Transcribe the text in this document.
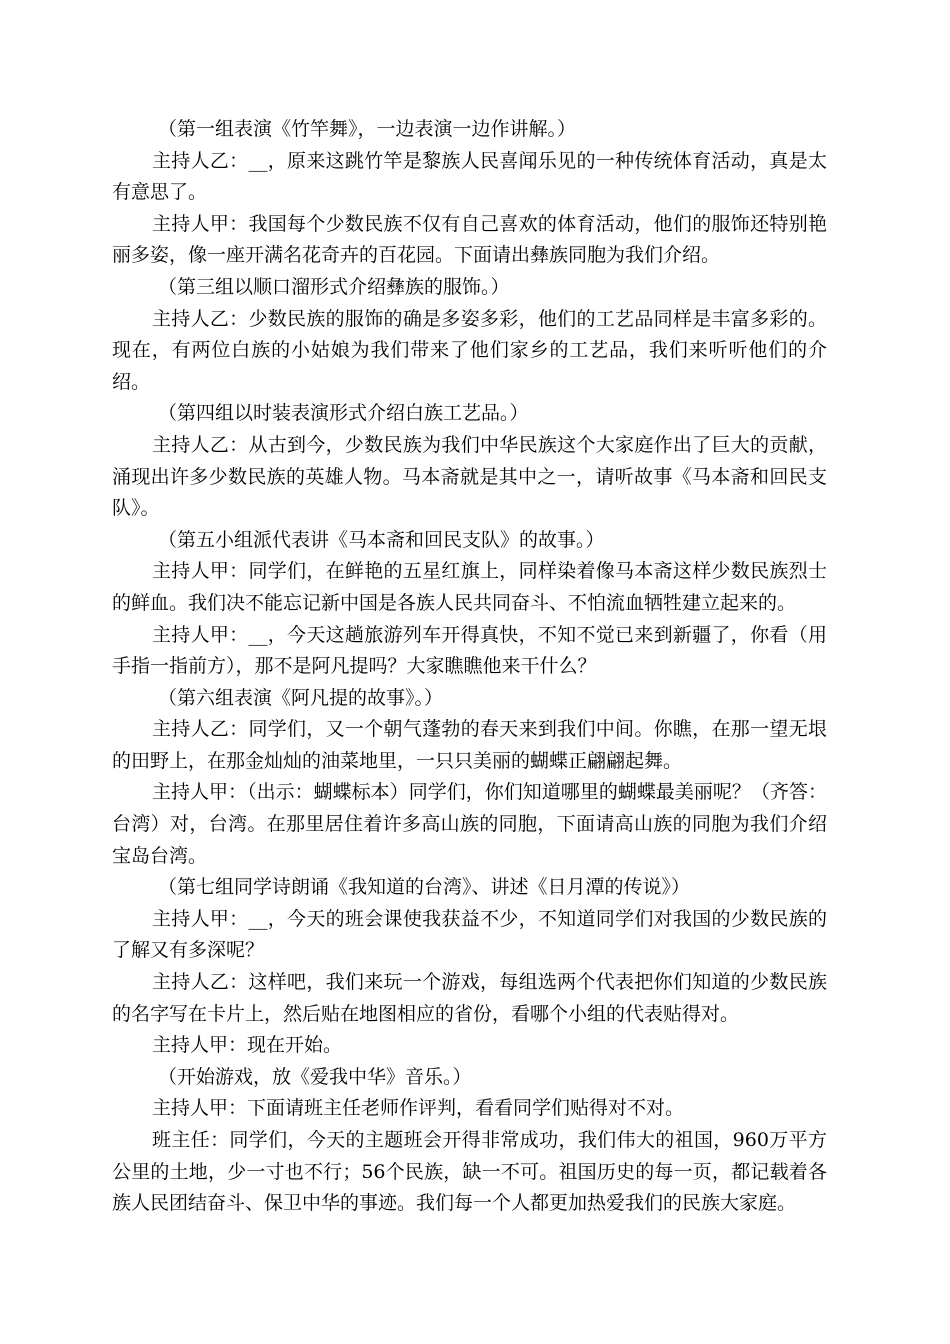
（第一组表演《竹竿舞》，一边表演一边作讲解。）

主持人乙：__，原来这跳竹竿是黎族人民喜闻乐见的一种传统体育活动，真是太有意思了。

主持人甲：我国每个少数民族不仅有自己喜欢的体育活动，他们的服饰还特别艳丽多姿，像一座开满名花奇卉的百花园。下面请出彝族同胞为我们介绍。

（第三组以顺口溜形式介绍彝族的服饰。）

主持人乙：少数民族的服饰的确是多姿多彩，他们的工艺品同样是丰富多彩的。现在，有两位白族的小姑娘为我们带来了他们家乡的工艺品，我们来听听他们的介绍。

（第四组以时装表演形式介绍白族工艺品。）

主持人乙：从古到今，少数民族为我们中华民族这个大家庭作出了巨大的贡献，涌现出许多少数民族的英雄人物。马本斋就是其中之一，请听故事《马本斋和回民支队》。

（第五小组派代表讲《马本斋和回民支队》的故事。）

主持人甲：同学们，在鲜艳的五星红旗上，同样染着像马本斋这样少数民族烈士的鲜血。我们决不能忘记新中国是各族人民共同奋斗、不怕流血牺牲建立起来的。

主持人甲：__，今天这趟旅游列车开得真快，不知不觉已来到新疆了，你看（用手指一指前方），那不是阿凡提吗？大家瞧瞧他来干什么？

（第六组表演《阿凡提的故事》。）

主持人乙：同学们，又一个朝气蓬勃的春天来到我们中间。你瞧，在那一望无垠的田野上，在那金灿灿的油菜地里，一只只美丽的蝴蝶正翩翩起舞。

主持人甲：（出示：蝴蝶标本）同学们，你们知道哪里的蝴蝶最美丽呢？（齐答：台湾）对，台湾。在那里居住着许多高山族的同胞，下面请高山族的同胞为我们介绍宝岛台湾。

（第七组同学诗朗诵《我知道的台湾》、讲述《日月潭的传说》）

主持人甲：__，今天的班会课使我获益不少，不知道同学们对我国的少数民族的了解又有多深呢？

主持人乙：这样吧，我们来玩一个游戏，每组选两个代表把你们知道的少数民族的名字写在卡片上，然后贴在地图相应的省份，看哪个小组的代表贴得对。

主持人甲：现在开始。

（开始游戏，放《爱我中华》音乐。）

主持人甲：下面请班主任老师作评判，看看同学们贴得对不对。

班主任：同学们，今天的主题班会开得非常成功，我们伟大的祖国，960万平方公里的土地，少一寸也不行；56个民族，缺一不可。祖国历史的每一页，都记载着各族人民团结奋斗、保卫中华的事迹。我们每一个人都更加热爱我们的民族大家庭。
